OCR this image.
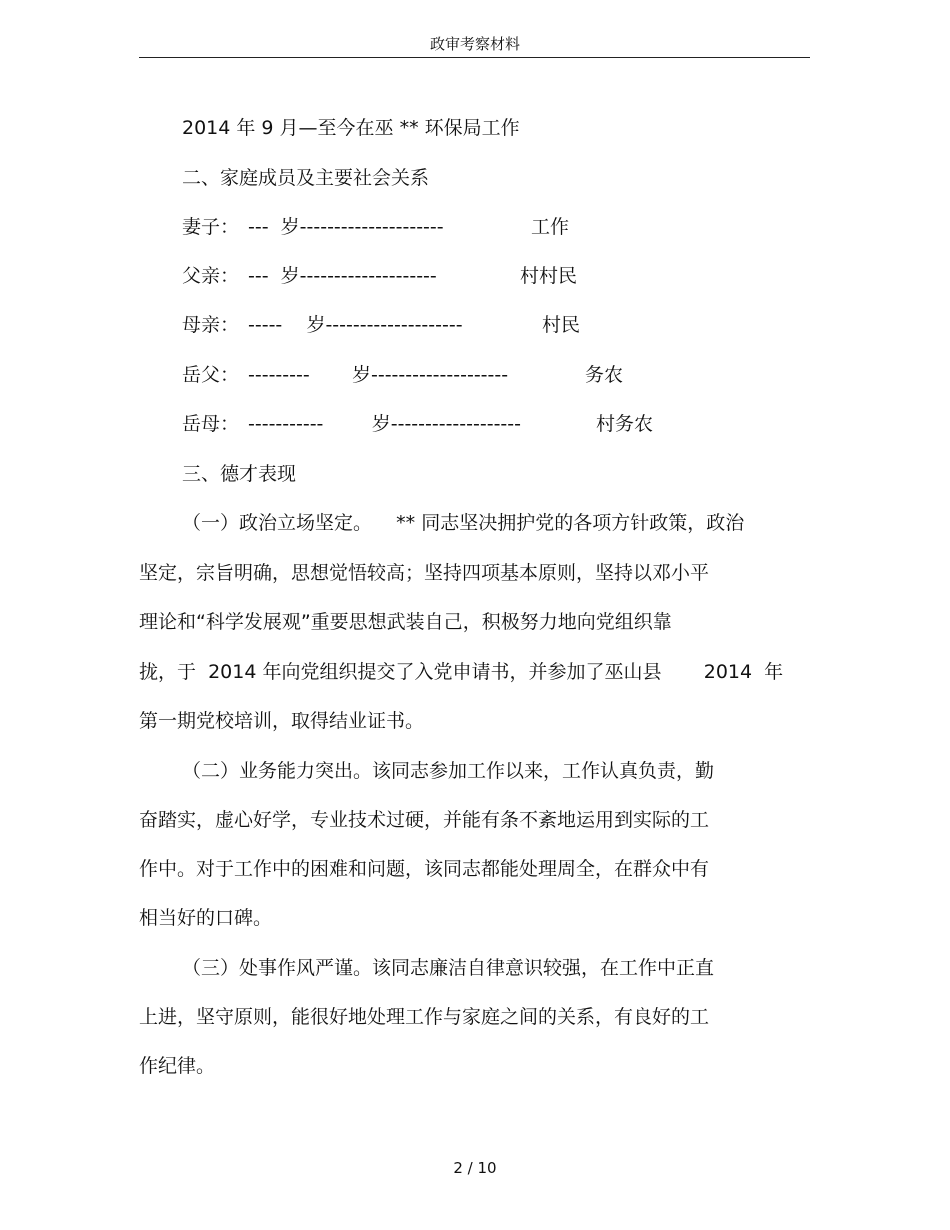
政审考察材料
2014 年 9 月—至今在巫 ** 环保局工作
二、家庭成员及主要社会关系
妻子： ---  岁---------------------	工作
父亲： ---  岁--------------------	村村民
母亲： -----    岁--------------------	村民
岳父： ---------       岁--------------------	务农
岳母： -----------        岁-------------------	村务农
三、德才表现
（一）政治立场坚定。    ** 同志坚决拥护党的各项方针政策，政治
坚定，宗旨明确，思想觉悟较高；坚持四项基本原则，坚持以邓小平
理论和“科学发展观”重要思想武装自己，积极努力地向党组织靠
拢，于  2014 年向党组织提交了入党申请书，并参加了巫山县       2014  年
第一期党校培训，取得结业证书。
（二）业务能力突出。该同志参加工作以来，工作认真负责，勤
奋踏实，虚心好学，专业技术过硬，并能有条不紊地运用到实际的工
作中。对于工作中的困难和问题，该同志都能处理周全，在群众中有
相当好的口碑。
（三）处事作风严谨。该同志廉洁自律意识较强，在工作中正直
上进，坚守原则，能很好地处理工作与家庭之间的关系，有良好的工
作纪律。
2 / 10
